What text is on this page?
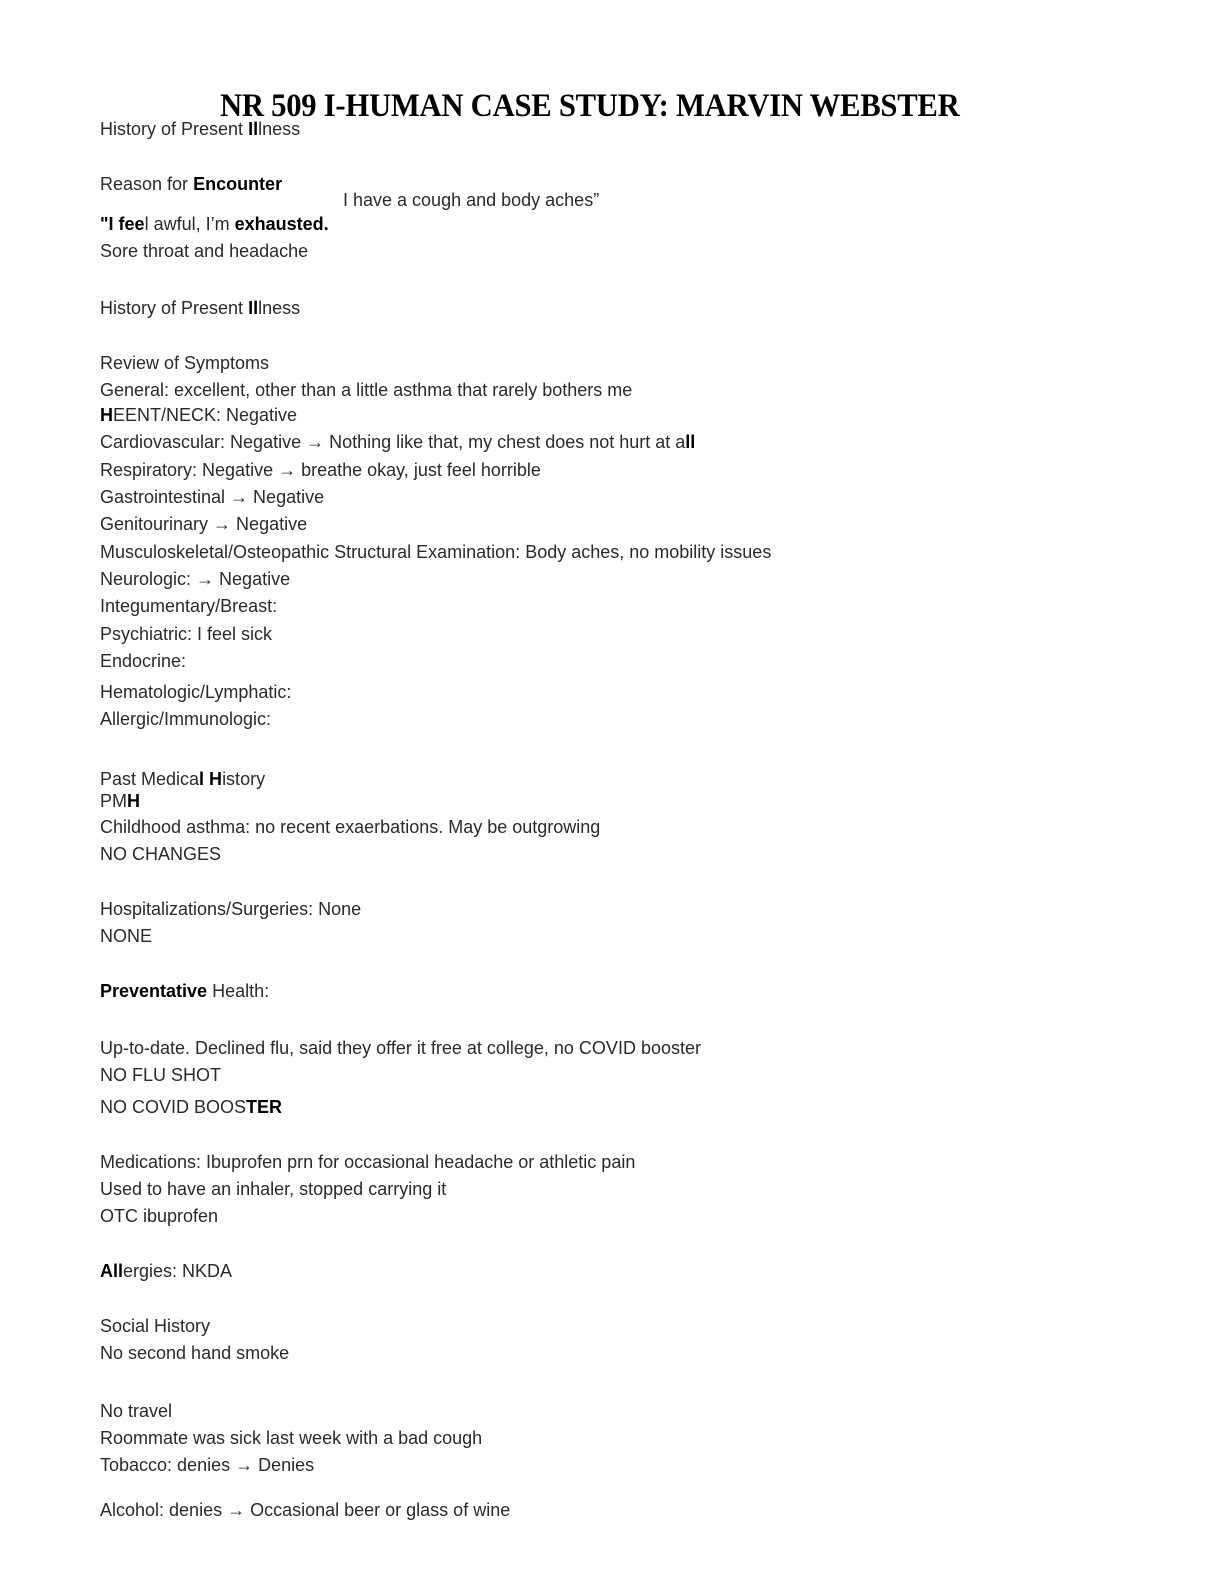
NR 509 I-HUMAN CASE STUDY: MARVIN WEBSTER
History of Present Illness
Reason for Encounter
I have a cough and body aches”
"I feel awful, I’m exhausted.
Sore throat and headache
History of Present Illness
Review of Symptoms
General: excellent, other than a little asthma that rarely bothers me
HEENT/NECK: Negative
Cardiovascular: Negative → Nothing like that, my chest does not hurt at all
Respiratory: Negative → breathe okay, just feel horrible
Gastrointestinal → Negative
Genitourinary → Negative
Musculoskeletal/Osteopathic Structural Examination: Body aches, no mobility issues
Neurologic: → Negative
Integumentary/Breast:
Psychiatric: I feel sick
Endocrine:
Hematologic/Lymphatic:
Allergic/Immunologic:
Past Medical History
PMH
Childhood asthma: no recent exaerbations. May be outgrowing
NO CHANGES
Hospitalizations/Surgeries: None
NONE
Preventative Health:
Up-to-date. Declined flu, said they offer it free at college, no COVID booster
NO FLU SHOT
NO COVID BOOSTER
Medications: Ibuprofen prn for occasional headache or athletic pain
Used to have an inhaler, stopped carrying it
OTC ibuprofen
Allergies: NKDA
Social History
No second hand smoke
No travel
Roommate was sick last week with a bad cough
Tobacco: denies → Denies
Alcohol: denies → Occasional beer or glass of wine
